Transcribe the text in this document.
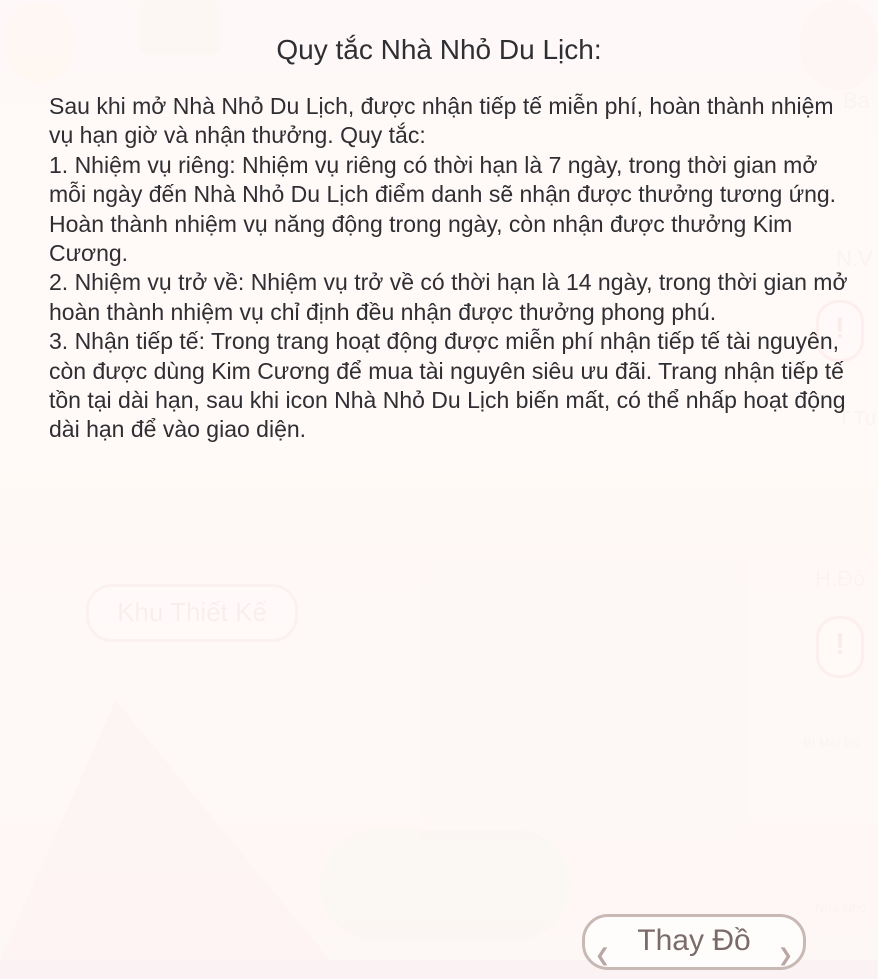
Quy tắc Nhà Nhỏ Du Lịch:

Sau khi mở Nhà Nhỏ Du Lịch, được nhận tiếp tế miễn phí, hoàn thành nhiệm vụ hạn giờ và nhận thưởng. Quy tắc:

1. Nhiệm vụ riêng: Nhiệm vụ riêng có thời hạn là 7 ngày, trong thời gian mở mỗi ngày đến Nhà Nhỏ Du Lịch điểm danh sẽ nhận được thưởng tương ứng. Hoàn thành nhiệm vụ năng động trong ngày, còn nhận được thưởng Kim Cương.

2. Nhiệm vụ trở về: Nhiệm vụ trở về có thời hạn là 14 ngày, trong thời gian mở hoàn thành nhiệm vụ chỉ định đều nhận được thưởng phong phú.

3. Nhận tiếp tế: Trong trang hoạt động được miễn phí nhận tiếp tế tài nguyên, còn được dùng Kim Cương để mua tài nguyên siêu ưu đãi. Trang nhận tiếp tế tồn tại dài hạn, sau khi icon Nhà Nhỏ Du Lịch biến mất, có thể nhấp hoạt động dài hạn để vào giao diện.

❮ Thay Đồ ❯
